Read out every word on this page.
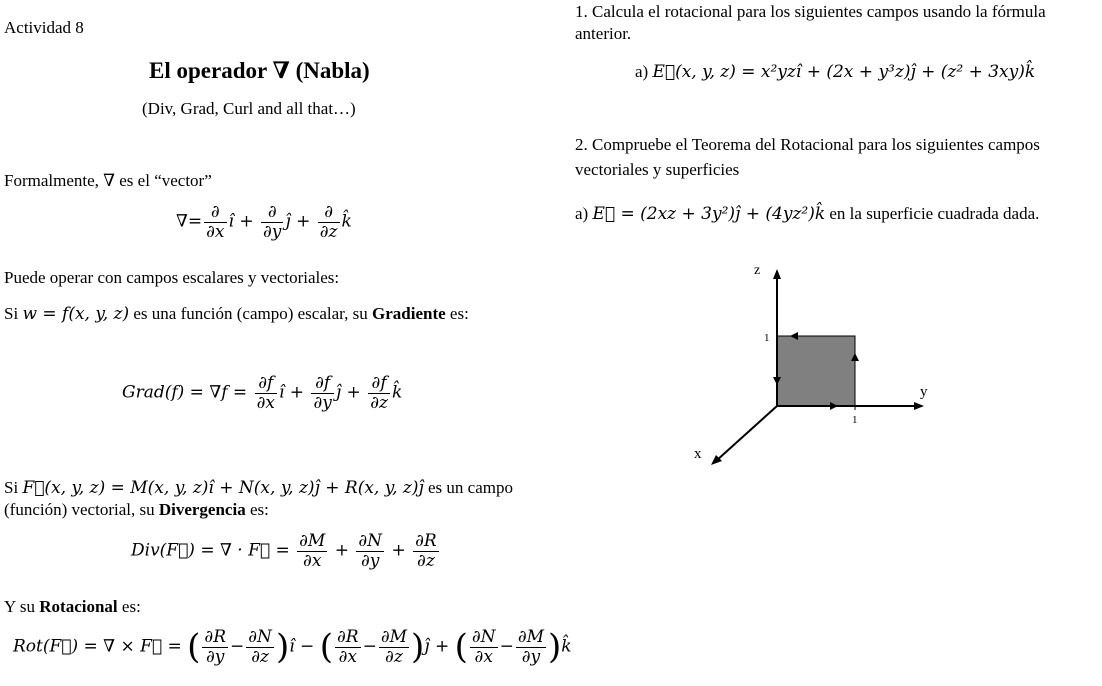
Actividad 8
El operador ∇ (Nabla)
(Div, Grad, Curl and all that…)
Formalmente, ∇ es el “vector”
∇= $\frac{\partial}{\partial x}$ î + $\frac{\partial}{\partial y}$ ĵ + $\frac{\partial}{\partial z}$ k̂
Puede operar con campos escalares y vectoriales:
Si w = f(x, y, z) es una función (campo) escalar, su Gradiente es:
Grad(f) = $\nabla f = \frac{\partial f}{\partial x}$ î + $\frac{\partial f}{\partial y}$ ĵ + $\frac{\partial f}{\partial z}$ k̂
Si F⃗(x, y, z) = M(x, y, z)î + N(x, y, z)ĵ + R(x, y, z)ĵ es un campo
(función) vectorial, su Divergencia es:
Div(F⃗) = ∇ · F⃗ = $\frac{\partial M}{\partial x} + \frac{\partial N}{\partial y} + \frac{\partial R}{\partial z}$
Y su Rotacional es:
Rot(F⃗) = ∇ × F⃗ = ( $\frac{\partial R}{\partial y} - \frac{\partial N}{\partial z}$ )î − ( $\frac{\partial R}{\partial x} - \frac{\partial M}{\partial z}$ )ĵ + ( $\frac{\partial N}{\partial x} - \frac{\partial M}{\partial y}$ )k̂
1. Calcula el rotacional para los siguientes campos usando la fórmula
anterior.
a) E⃗(x, y, z) = x²yzî + (2x + y³z)ĵ + (z² + 3xy)k̂
2. Compruebe el Teorema del Rotacional para los siguientes campos
vectoriales y superficies
a) E⃗ = (2xz + 3y²)ĵ + (4yz²)k̂ en la superficie cuadrada dada.
z
y
x
1
1
